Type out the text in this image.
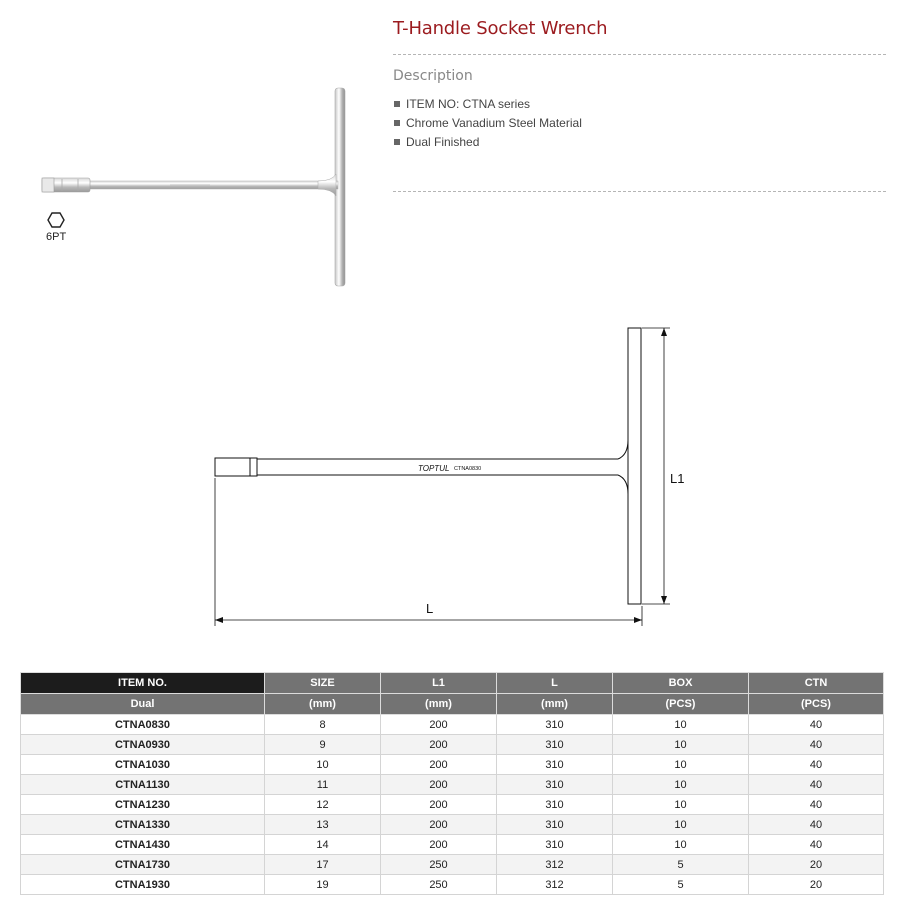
T-Handle Socket Wrench
Description
ITEM NO: CTNA series
Chrome Vanadium Steel Material
Dual Finished
6PT
TOPTUL CTNA0830
L1
L
ITEM NO.	SIZE	L1	L	BOX	CTN
Dual	(mm)	(mm)	(mm)	(PCS)	(PCS)
CTNA0830	8	200	310	10	40
CTNA0930	9	200	310	10	40
CTNA1030	10	200	310	10	40
CTNA1130	11	200	310	10	40
CTNA1230	12	200	310	10	40
CTNA1330	13	200	310	10	40
CTNA1430	14	200	310	10	40
CTNA1730	17	250	312	5	20
CTNA1930	19	250	312	5	20
